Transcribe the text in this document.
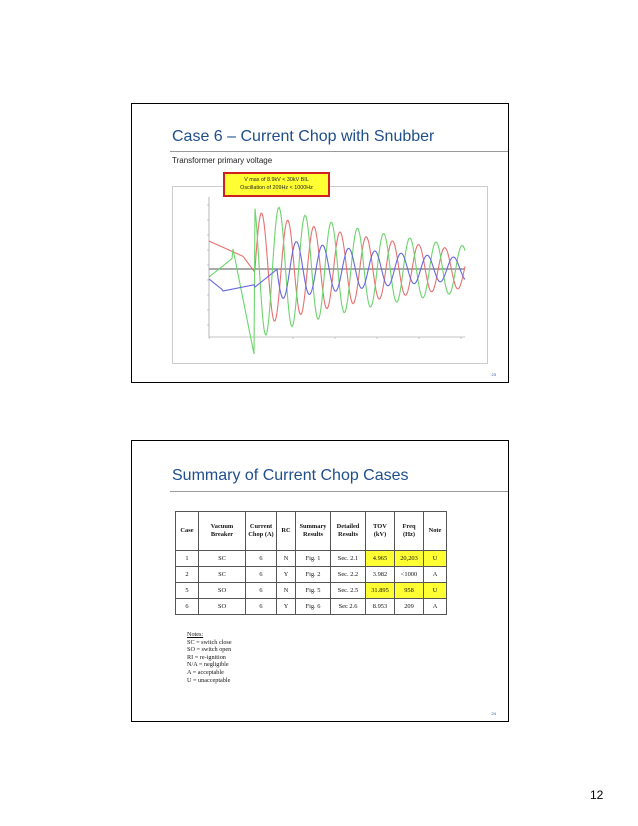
Case 6 – Current Chop with Snubber
Transformer primary voltage
V max of 8.9kV < 30kV BIL
Oscillation of 209Hz < 1000Hz
23
Summary of Current Chop Cases
Case	Vacuum Breaker	Current Chop (A)	RC	Summary Results	Detailed Results	TOV (kV)	Freq (Hz)	Note
1	SC	6	N	Fig. 1	Sec. 2.1	4.965	20,203	U
2	SC	6	Y	Fig. 2	Sec. 2.2	3.982	<1000	A
5	SO	6	N	Fig. 5	Sec. 2.5	31.895	958	U
6	SO	6	Y	Fig. 6	Sec 2.6	8.953	209	A
Notes:
SC = switch close
SO = switch open
RI = re-ignition
N/A = negligible
A = acceptable
U = unacceptable
24
12
